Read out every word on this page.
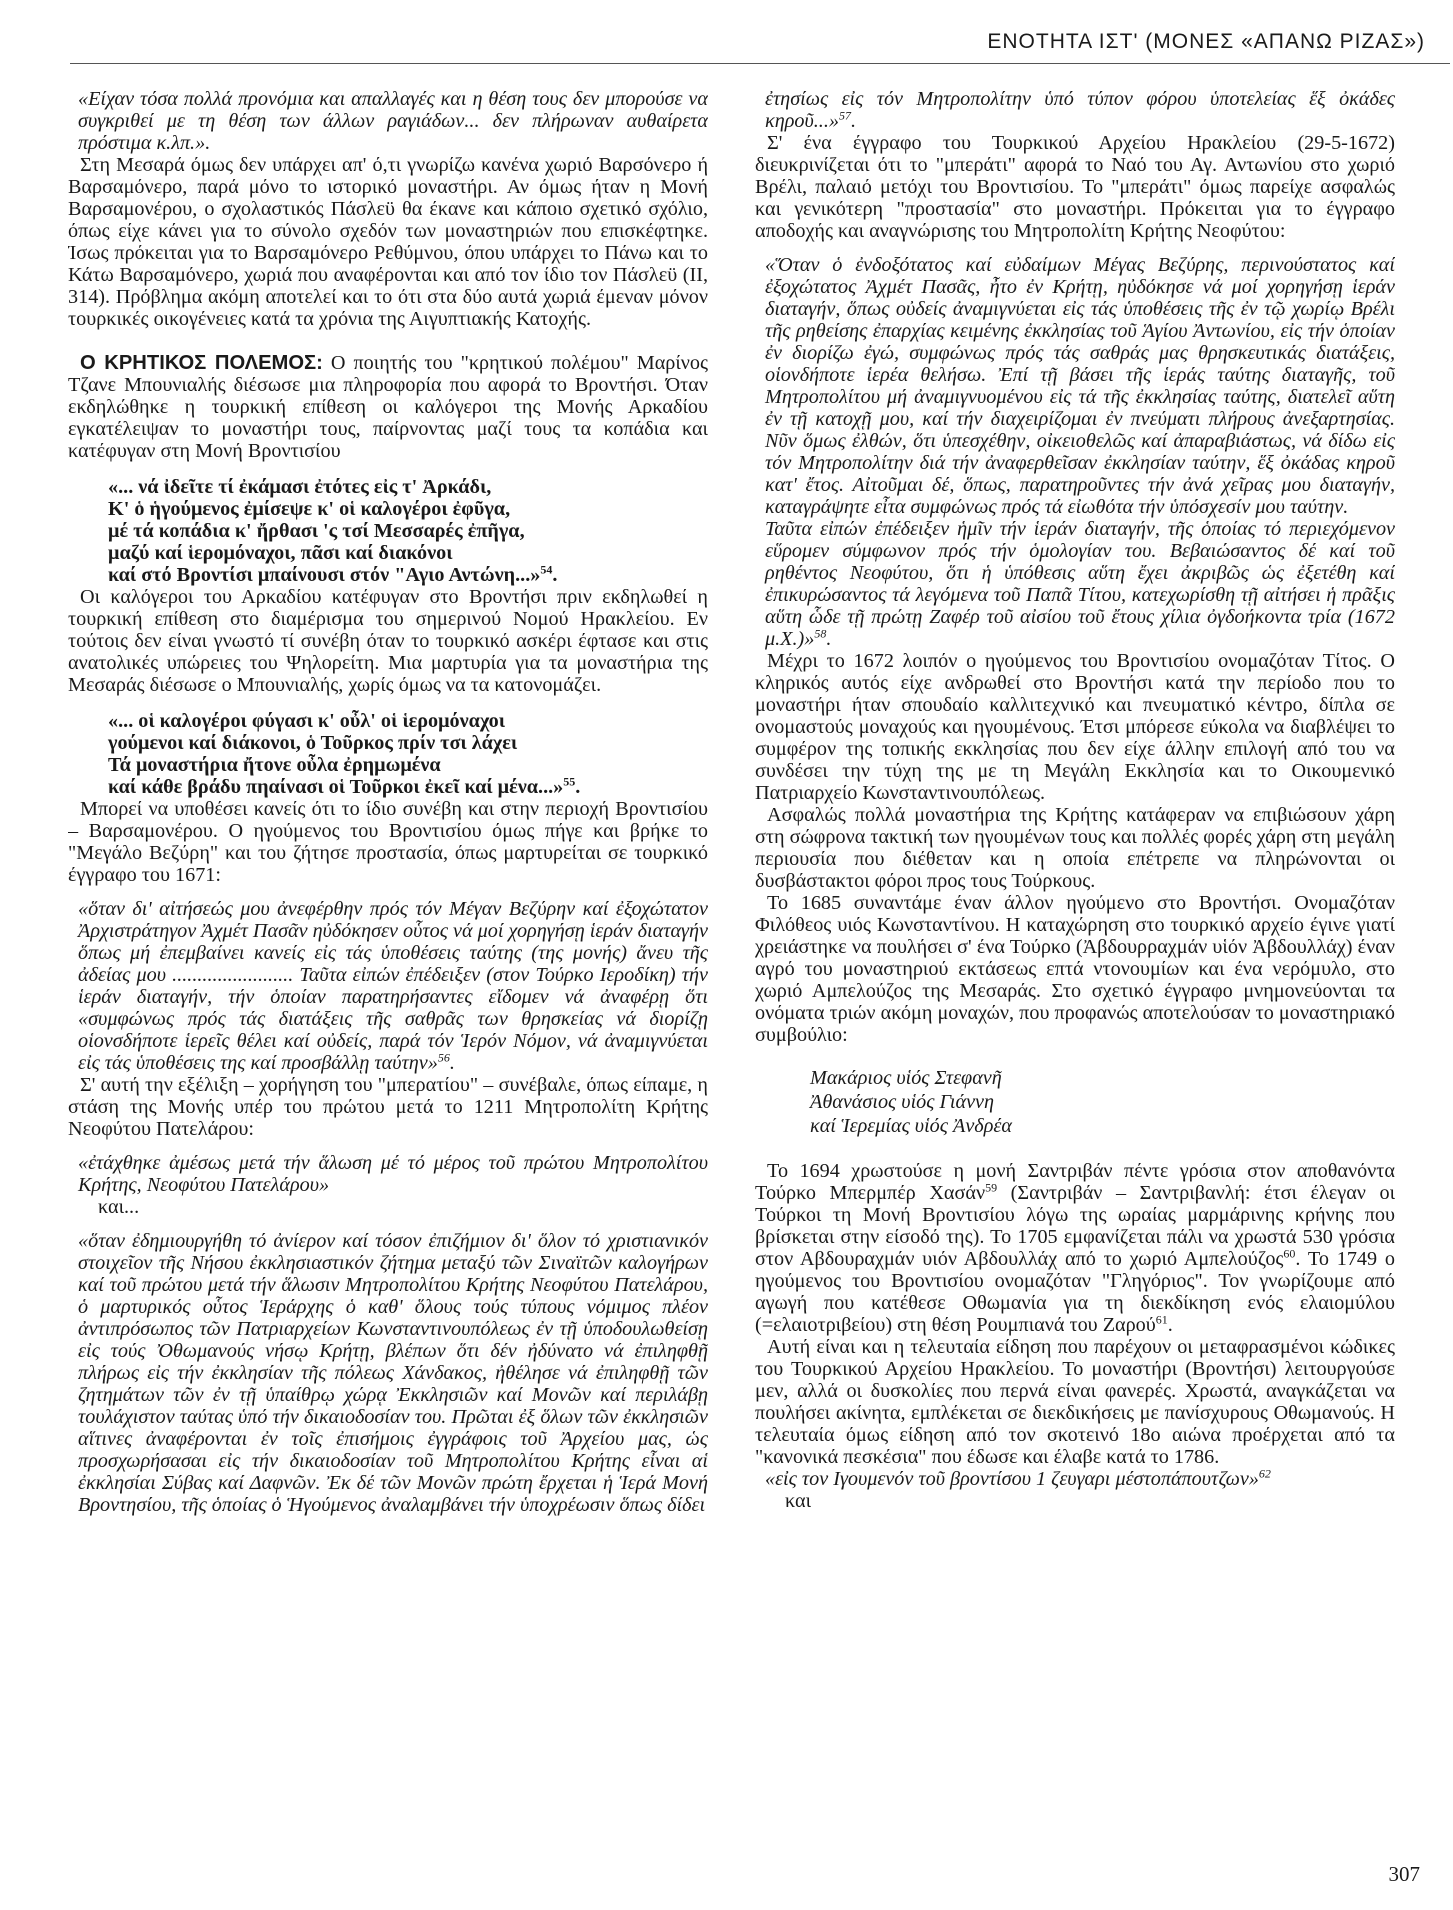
ΕΝΟΤΗΤΑ ΙΣΤ' (ΜΟΝΕΣ «ΑΠΑΝΩ ΡΙΖΑΣ»)

«Είχαν τόσα πολλά προνόμια και απαλλαγές και η θέση τους δεν μπορούσε να συγκριθεί με τη θέση των άλλων ραγιάδων... δεν πλήρωναν αυθαίρετα πρόστιμα κ.λπ.».

Στη Μεσαρά όμως δεν υπάρχει απ' ό,τι γνωρίζω κανένα χωριό Βαρσόνερο ή Βαρσαμόνερο, παρά μόνο το ιστορικό μοναστήρι. Αν όμως ήταν η Μονή Βαρσαμονέρου, ο σχολαστικός Πάσλεϋ θα έκανε και κάποιο σχετικό σχόλιο, όπως είχε κάνει για το σύνολο σχεδόν των μοναστηριών που επισκέφτηκε. Ίσως πρόκειται για το Βαρσαμόνερο Ρεθύμνου, όπου υπάρχει το Πάνω και το Κάτω Βαρσαμόνερο, χωριά που αναφέρονται και από τον ίδιο τον Πάσλεϋ (ΙΙ, 314). Πρόβλημα ακόμη αποτελεί και το ότι στα δύο αυτά χωριά έμεναν μόνον τουρκικές οικογένειες κατά τα χρόνια της Αιγυπτιακής Κατοχής.

Ο ΚΡΗΤΙΚΟΣ ΠΟΛΕΜΟΣ: Ο ποιητής του "κρητικού πολέμου" Μαρίνος Τζανε Μπουνιαλής διέσωσε μια πληροφορία που αφορά το Βροντήσι. Όταν εκδηλώθηκε η τουρκική επίθεση οι καλόγεροι της Μονής Αρκαδίου εγκατέλειψαν το μοναστήρι τους, παίρνοντας μαζί τους τα κοπάδια και κατέφυγαν στη Μονή Βροντισίου

«... νά ἰδεῖτε τί ἐκάμασι ἐτότες εἰς τ' Ἀρκάδι,
Κ' ὁ ἡγούμενος ἐμίσεψε κ' οἱ καλογέροι ἐφῦγα,
μέ τά κοπάδια κ' ἤρθασι 'ς τσί Μεσσαρές ἐπῆγα,
μαζύ καί ἱερομόναχοι, πᾶσι καί διακόνοι
καί στό Βροντίσι μπαίνουσι στόν "Αγιο Αντώνη...»$^{54}$.

Οι καλόγεροι του Αρκαδίου κατέφυγαν στο Βροντήσι πριν εκδηλωθεί η τουρκική επίθεση στο διαμέρισμα του σημερινού Νομού Ηρακλείου. Εν τούτοις δεν είναι γνωστό τί συνέβη όταν το τουρκικό ασκέρι έφτασε και στις ανατολικές υπώρειες του Ψηλορείτη. Μια μαρτυρία για τα μοναστήρια της Μεσαράς διέσωσε ο Μπουνιαλής, χωρίς όμως να τα κατονομάζει.

«... οἱ καλογέροι φύγασι κ' οὖλ' οἱ ἱερομόναχοι
γούμενοι καί διάκονοι, ὁ Τοῦρκος πρίν τσι λάχει
Τά μοναστήρια ἤτονε οὖλα ἐρημωμένα
καί κάθε βράδυ πηαίνασι οἱ Τοῦρκοι ἐκεῖ καί μένα...»$^{55}$.

Μπορεί να υποθέσει κανείς ότι το ίδιο συνέβη και στην περιοχή Βροντισίου – Βαρσαμονέρου. Ο ηγούμενος του Βροντισίου όμως πήγε και βρήκε το "Μεγάλο Βεζύρη" και του ζήτησε προστασία, όπως μαρτυρείται σε τουρκικό έγγραφο του 1671:

«ὅταν δι' αἰτήσεώς μου ἀνεφέρθην πρός τόν Μέγαν Βεζύρην καί ἐξοχώτατον Ἀρχιστράτηγον Ἀχμέτ Πασᾶν ηὐδόκησεν οὗτος νά μοί χορηγήσῃ ἱεράν διαταγήν ὅπως μή ἐπεμβαίνει κανείς εἰς τάς ὑποθέσεις ταύτης (της μονής) ἄνευ τῆς ἀδείας μου ........................ Ταῦτα εἰπών ἐπέδειξεν (στον Τούρκο Ιεροδίκη) τήν ἱεράν διαταγήν, τήν ὁποίαν παρατηρήσαντες εἴδομεν νά ἀναφέρῃ ὅτι «συμφώνως πρός τάς διατάξεις τῆς σαθρᾶς των θρησκείας νά διορίζῃ οἱονσδήποτε ἱερεῖς θέλει καί οὐδείς, παρά τόν Ἱερόν Νόμον, νά ἀναμιγνύεται εἰς τάς ὑποθέσεις της καί προσβάλλῃ ταύτην»$^{56}$.

Σ' αυτή την εξέλιξη – χορήγηση του "μπερατίου" – συνέβαλε, όπως είπαμε, η στάση της Μονής υπέρ του πρώτου μετά το 1211 Μητροπολίτη Κρήτης Νεοφύτου Πατελάρου:

«ἐτάχθηκε ἀμέσως μετά τήν ἅλωση μέ τό μέρος τοῦ πρώτου Μητροπολίτου Κρήτης, Νεοφύτου Πατελάρου»

και...

«ὅταν ἐδημιουργήθη τό ἀνίερον καί τόσον ἐπιζήμιον δι' ὅλον τό χριστιανικόν στοιχεῖον τῆς Νήσου ἐκκλησιαστικόν ζήτημα μεταξύ τῶν Σιναϊτῶν καλογήρων καί τοῦ πρώτου μετά τήν ἅλωσιν Μητροπολίτου Κρήτης Νεοφύτου Πατελάρου, ὁ μαρτυρικός οὗτος Ἱεράρχης ὁ καθ' ὅλους τούς τύπους νόμιμος πλέον ἀντιπρόσωπος τῶν Πατριαρχείων Κωνσταντινουπόλεως ἐν τῇ ὑποδουλωθείσῃ εἰς τούς Ὀθωμανούς νήσῳ Κρήτῃ, βλέπων ὅτι δέν ἠδύνατο νά ἐπιληφθῇ πλήρως εἰς τήν ἐκκλησίαν τῆς πόλεως Χάνδακος, ἠθέλησε νά ἐπιληφθῇ τῶν ζητημάτων τῶν ἐν τῇ ὑπαίθρῳ χώρᾳ Ἐκκλησιῶν καί Μονῶν καί περιλάβῃ τουλάχιστον ταύτας ὑπό τήν δικαιοδοσίαν του. Πρῶται ἐξ ὅλων τῶν ἐκκλησιῶν αἵτινες ἀναφέρονται ἐν τοῖς ἐπισήμοις ἐγγράφοις τοῦ Ἀρχείου μας, ὡς προσχωρήσασαι εἰς τήν δικαιοδοσίαν τοῦ Μητροπολίτου Κρήτης εἶναι αἱ ἐκκλησίαι Σύβας καί Δαφνῶν. Ἐκ δέ τῶν Μονῶν πρώτη ἔρχεται ἡ Ἱερά Μονή Βροντησίου, τῆς ὁποίας ὁ Ἡγούμενος ἀναλαμβάνει τήν ὑποχρέωσιν ὅπως δίδει

ἐτησίως εἰς τόν Μητροπολίτην ὑπό τύπον φόρου ὑποτελείας ἕξ ὀκάδες κηροῦ...»$^{57}$.

Σ' ένα έγγραφο του Τουρκικού Αρχείου Ηρακλείου (29-5-1672) διευκρινίζεται ότι το "μπεράτι" αφορά το Ναό του Αγ. Αντωνίου στο χωριό Βρέλι, παλαιό μετόχι του Βροντισίου. Το "μπεράτι" όμως παρείχε ασφαλώς και γενικότερη "προστασία" στο μοναστήρι. Πρόκειται για το έγγραφο αποδοχής και αναγνώρισης του Μητροπολίτη Κρήτης Νεοφύτου:

«Ὅταν ὁ ἐνδοξότατος καί εὐδαίμων Μέγας Βεζύρης, περινούστατος καί ἐξοχώτατος Ἀχμέτ Πασᾶς, ἦτο ἐν Κρήτῃ, ηὐδόκησε νά μοί χορηγήσῃ ἱεράν διαταγήν, ὅπως οὐδείς ἀναμιγνύεται εἰς τάς ὑποθέσεις τῆς ἐν τῷ χωρίῳ Βρέλι τῆς ρηθείσης ἐπαρχίας κειμένης ἐκκλησίας τοῦ Ἁγίου Ἀντωνίου, εἰς τήν ὁποίαν ἐν διορίζω ἐγώ, συμφώνως πρός τάς σαθράς μας θρησκευτικάς διατάξεις, οἱονδήποτε ἱερέα θελήσω. Ἐπί τῇ βάσει τῆς ἱεράς ταύτης διαταγῆς, τοῦ Μητροπολίτου μή ἀναμιγνυομένου εἰς τά τῆς ἐκκλησίας ταύτης, διατελεῖ αὕτη ἐν τῇ κατοχῇ μου, καί τήν διαχειρίζομαι ἐν πνεύματι πλήρους ἀνεξαρτησίας. Νῦν ὅμως ἐλθών, ὅτι ὑπεσχέθην, οἰκειοθελῶς καί ἀπαραβιάστως, νά δίδω εἰς τόν Μητροπολίτην διά τήν ἀναφερθεῖσαν ἐκκλησίαν ταύτην, ἕξ ὀκάδας κηροῦ κατ' ἔτος. Αἰτοῦμαι δέ, ὅπως, παρατηροῦντες τήν ἀνά χεῖρας μου διαταγήν, καταγράψητε εἶτα συμφώνως πρός τά εἰωθότα τήν ὑπόσχεσίν μου ταύτην.

Ταῦτα εἰπών ἐπέδειξεν ἡμῖν τήν ἱεράν διαταγήν, τῆς ὁποίας τό περιεχόμενον εὕρομεν σύμφωνον πρός τήν ὁμολογίαν του. Βεβαιώσαντος δέ καί τοῦ ρηθέντος Νεοφύτου, ὅτι ἡ ὑπόθεσις αὕτη ἔχει ἀκριβῶς ὡς ἐξετέθη καί ἐπικυρώσαντος τά λεγόμενα τοῦ Παπᾶ Τίτου, κατεχωρίσθη τῇ αἰτήσει ἡ πρᾶξις αὕτη ὧδε τῇ πρώτῃ Ζαφέρ τοῦ αἰσίου τοῦ ἔτους χίλια ὀγδοήκοντα τρία (1672 μ.Χ.)»$^{58}$.

Μέχρι το 1672 λοιπόν ο ηγούμενος του Βροντισίου ονομαζόταν Τίτος. Ο κληρικός αυτός είχε ανδρωθεί στο Βροντήσι κατά την περίοδο που το μοναστήρι ήταν σπουδαίο καλλιτεχνικό και πνευματικό κέντρο, δίπλα σε ονομαστούς μοναχούς και ηγουμένους. Έτσι μπόρεσε εύκολα να διαβλέψει το συμφέρον της τοπικής εκκλησίας που δεν είχε άλλην επιλογή από του να συνδέσει την τύχη της με τη Μεγάλη Εκκλησία και το Οικουμενικό Πατριαρχείο Κωνσταντινουπόλεως.

Ασφαλώς πολλά μοναστήρια της Κρήτης κατάφεραν να επιβιώσουν χάρη στη σώφρονα τακτική των ηγουμένων τους και πολλές φορές χάρη στη μεγάλη περιουσία που διέθεταν και η οποία επέτρεπε να πληρώνονται οι δυσβάστακτοι φόροι προς τους Τούρκους.

Το 1685 συναντάμε έναν άλλον ηγούμενο στο Βροντήσι. Ονομαζόταν Φιλόθεος υιός Κωνσταντίνου. Η καταχώρηση στο τουρκικό αρχείο έγινε γιατί χρειάστηκε να πουλήσει σ' ένα Τούρκο (Ἀβδουρραχμάν υἱόν Ἀβδουλλάχ) έναν αγρό του μοναστηριού εκτάσεως επτά ντονουμίων και ένα νερόμυλο, στο χωριό Αμπελούζος της Μεσαράς. Στο σχετικό έγγραφο μνημονεύονται τα ονόματα τριών ακόμη μοναχών, που προφανώς αποτελούσαν το μοναστηριακό συμβούλιο:

Μακάριος υἱός Στεφανῆ
Ἀθανάσιος υἱός Γιάννη
καί Ἱερεμίας υἱός Ἀνδρέα

Το 1694 χρωστούσε η μονή Σαντριβάν πέντε γρόσια στον αποθανόντα Τούρκο Μπερμπέρ Χασάν$^{59}$ (Σαντριβάν – Σαντριβανλή: έτσι έλεγαν οι Τούρκοι τη Μονή Βροντισίου λόγω της ωραίας μαρμάρινης κρήνης που βρίσκεται στην είσοδό της). Το 1705 εμφανίζεται πάλι να χρωστά 530 γρόσια στον Αβδουραχμάν υιόν Αβδουλλάχ από το χωριό Αμπελούζος$^{60}$. Το 1749 ο ηγούμενος του Βροντισίου ονομαζόταν "Γληγόριος". Τον γνωρίζουμε από αγωγή που κατέθεσε Οθωμανία για τη διεκδίκηση ενός ελαιομύλου (=ελαιοτριβείου) στη θέση Ρουμπιανά του Ζαρού$^{61}$.

Αυτή είναι και η τελευταία είδηση που παρέχουν οι μεταφρασμένοι κώδικες του Τουρκικού Αρχείου Ηρακλείου. Το μοναστήρι (Βροντήσι) λειτουργούσε μεν, αλλά οι δυσκολίες που περνά είναι φανερές. Χρωστά, αναγκάζεται να πουλήσει ακίνητα, εμπλέκεται σε διεκδικήσεις με πανίσχυρους Οθωμανούς. Η τελευταία όμως είδηση από τον σκοτεινό 18ο αιώνα προέρχεται από τα "κανονικά πεσκέσια" που έδωσε και έλαβε κατά το 1786.

«εἰς τον Ιγουμενόν τοῦ βροντίσου 1 ζευγαρι μέστοπάπουτζων»$^{62}$

και

307
